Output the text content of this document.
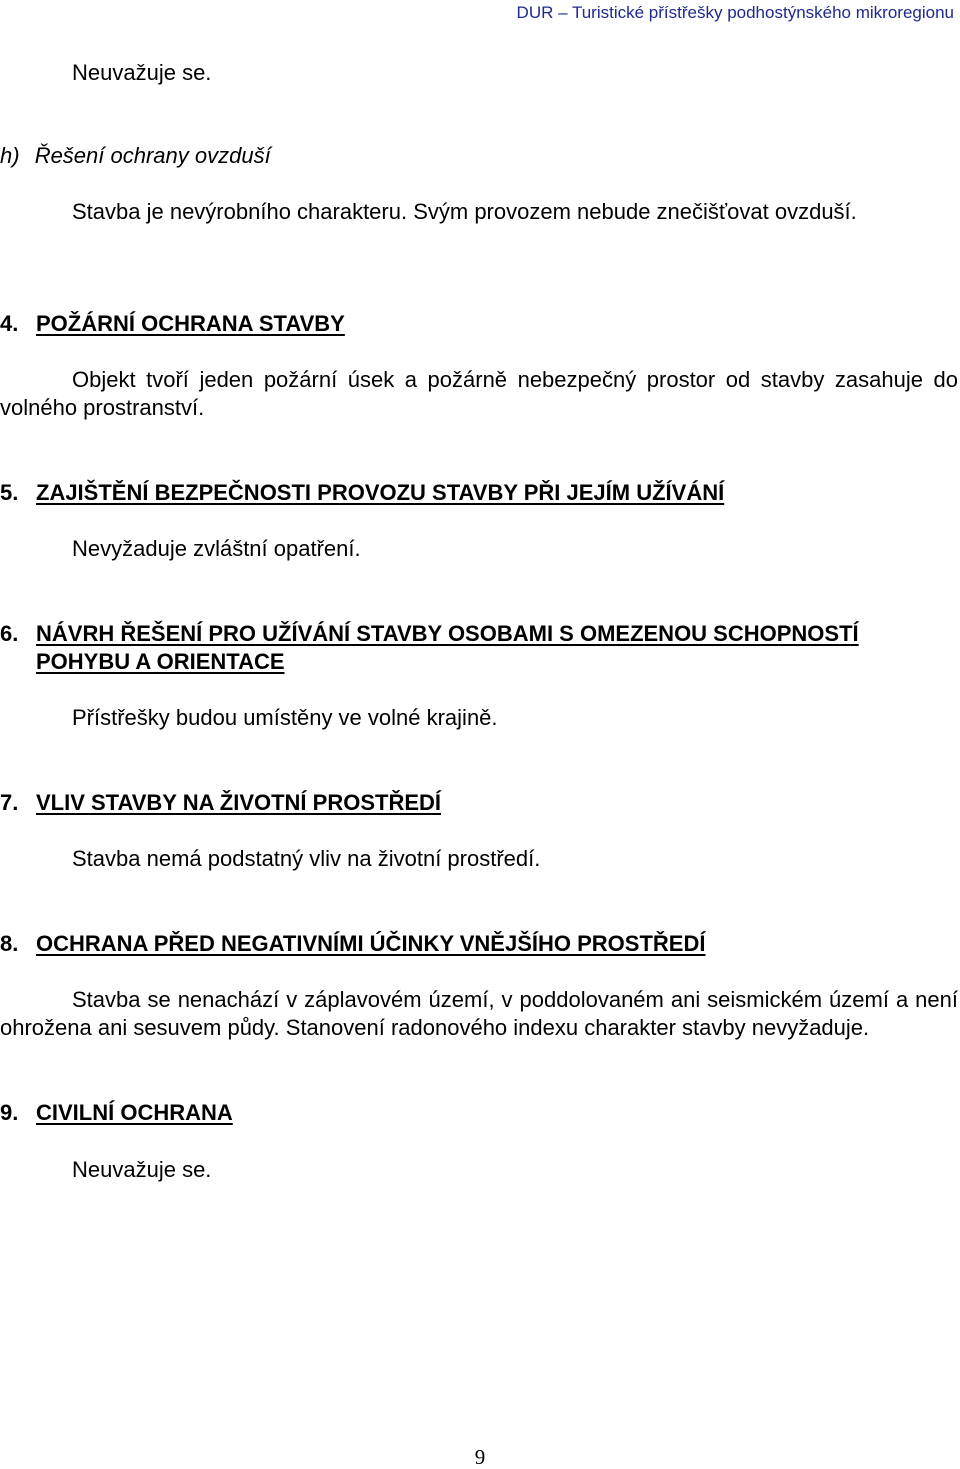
DUR – Turistické přístřešky podhostýnského mikroregionu
Neuvažuje se.
h) Řešení ochrany ovzduší
Stavba je nevýrobního charakteru. Svým provozem nebude znečišťovat ovzduší.
4. POŽÁRNÍ OCHRANA STAVBY
Objekt tvoří jeden požární úsek a požárně nebezpečný prostor od stavby zasahuje do volného prostranství.
5. ZAJIŠTĚNÍ BEZPEČNOSTI PROVOZU STAVBY PŘI JEJÍM UŽÍVÁNÍ
Nevyžaduje zvláštní opatření.
6. NÁVRH ŘEŠENÍ PRO UŽÍVÁNÍ STAVBY OSOBAMI S OMEZENOU SCHOPNOSTÍ
POHYBU A ORIENTACE
Přístřešky budou umístěny ve volné krajině.
7. VLIV STAVBY NA ŽIVOTNÍ PROSTŘEDÍ
Stavba nemá podstatný vliv na životní prostředí.
8. OCHRANA PŘED NEGATIVNÍMI ÚČINKY VNĚJŠÍHO PROSTŘEDÍ
Stavba se nenachází v záplavovém území, v poddolovaném ani seismickém území a není ohrožena ani sesuvem půdy. Stanovení radonového indexu charakter stavby nevyžaduje.
9. CIVILNÍ OCHRANA
Neuvažuje se.
9
